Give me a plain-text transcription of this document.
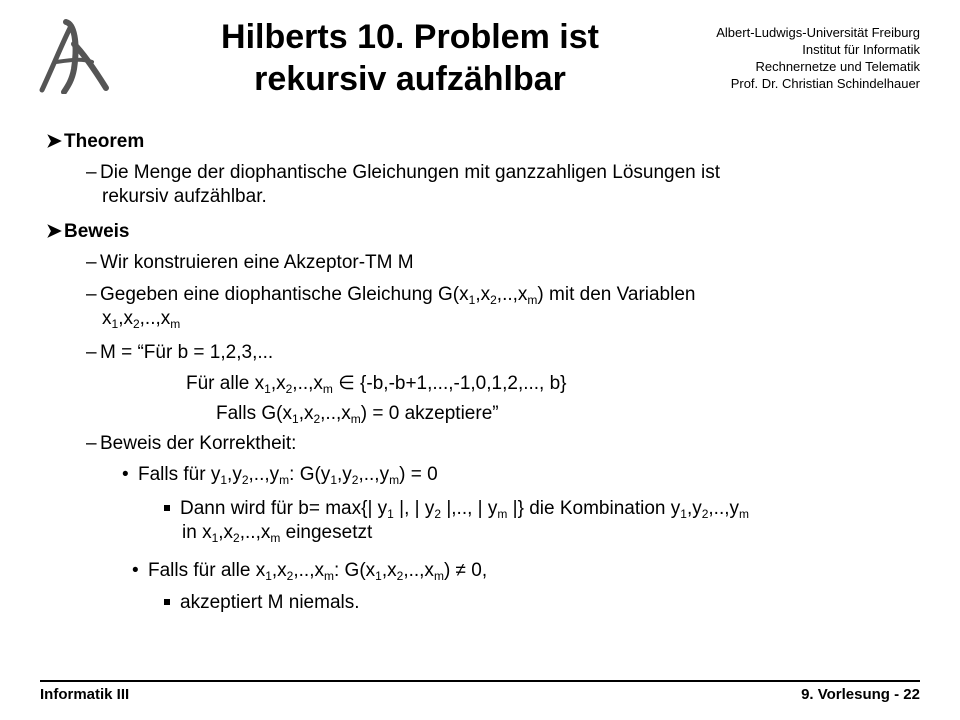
Hilberts 10. Problem ist
rekursiv aufzählbar
Albert-Ludwigs-Universität Freiburg
Institut für Informatik
Rechnernetze und Telematik
Prof. Dr. Christian Schindelhauer
➤ Theorem
– Die Menge der diophantische Gleichungen mit ganzzahligen Lösungen ist
rekursiv aufzählbar.
➤ Beweis
– Wir konstruieren eine Akzeptor-TM M
– Gegeben eine diophantische Gleichung $G(x_1,x_2,..,x_m)$ mit den Variablen
$x_1,x_2,..,x_m$
– M = “Für b = 1,2,3,...
Für alle $x_1,x_2,..,x_m$ ∈ {-b,-b+1,...,-1,0,1,2,..., b}
Falls $G(x_1,x_2,..,x_m) = 0$ akzeptiere”
– Beweis der Korrektheit:
• Falls für $y_1,y_2,..,y_m$: $G(y_1,y_2,..,y_m) = 0$
Dann wird für b= max{| $y_1$ |, | $y_2$ |,.., | $y_m$ |} die Kombination $y_1,y_2,..,y_m$
in $x_1,x_2,..,x_m$ eingesetzt
• Falls für alle $x_1,x_2,..,x_m$: $G(x_1,x_2,..,x_m) \ne 0$,
akzeptiert M niemals.
Informatik III	9. Vorlesung - 22
